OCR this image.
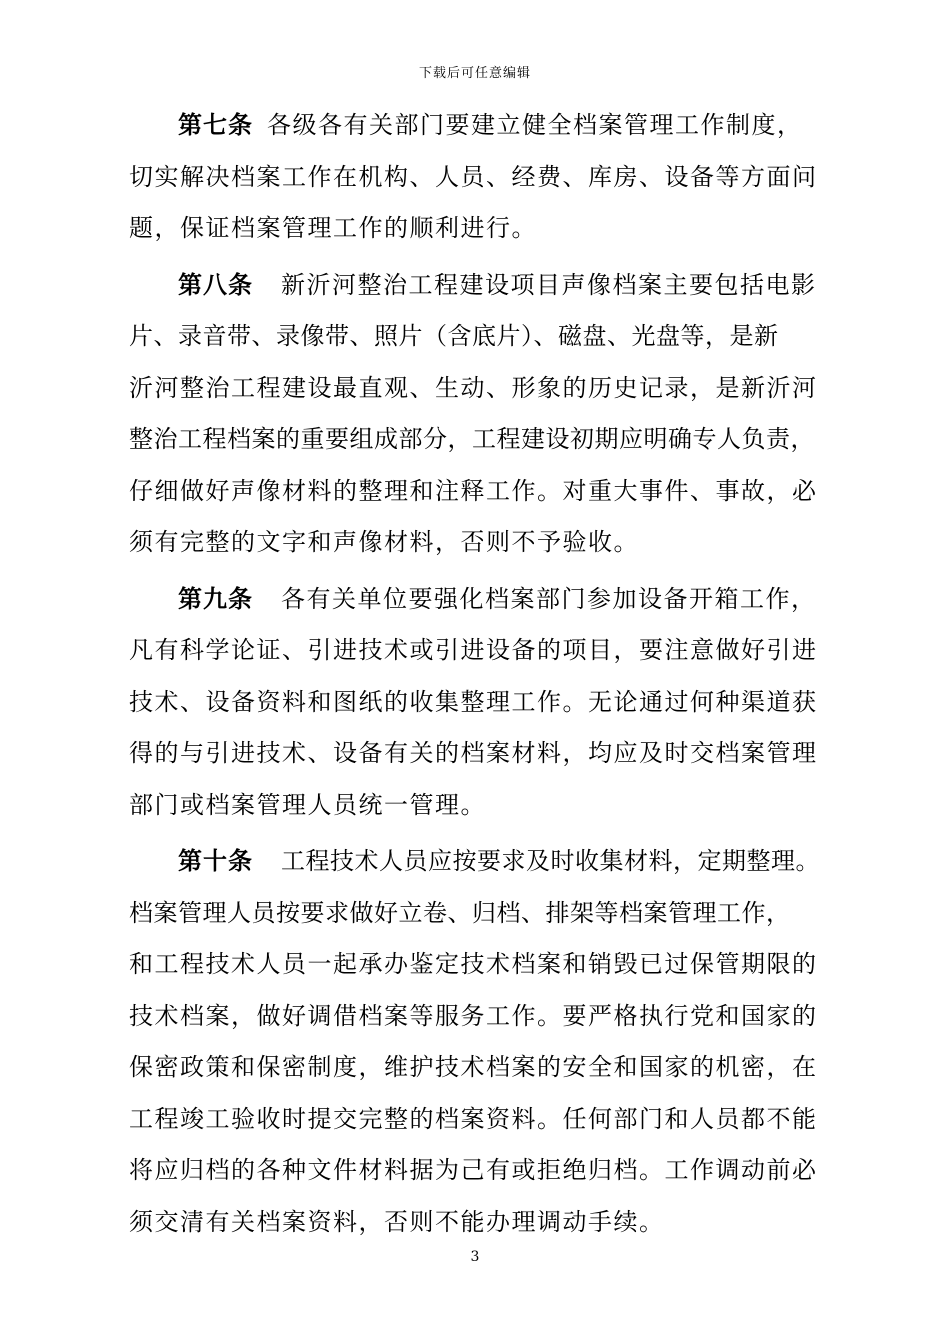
下载后可任意编辑
第七条 各级各有关部门要建立健全档案管理工作制度，
切实解决档案工作在机构、人员、经费、库房、设备等方面问
题，保证档案管理工作的顺利进行。
第八条 新沂河整治工程建设项目声像档案主要包括电影
片、录音带、录像带、照片（含底片）、磁盘、光盘等，是新
沂河整治工程建设最直观、生动、形象的历史记录，是新沂河
整治工程档案的重要组成部分，工程建设初期应明确专人负责，
仔细做好声像材料的整理和注释工作。对重大事件、事故，必
须有完整的文字和声像材料，否则不予验收。
第九条 各有关单位要强化档案部门参加设备开箱工作，
凡有科学论证、引进技术或引进设备的项目，要注意做好引进
技术、设备资料和图纸的收集整理工作。无论通过何种渠道获
得的与引进技术、设备有关的档案材料，均应及时交档案管理
部门或档案管理人员统一管理。
第十条 工程技术人员应按要求及时收集材料，定期整理。
档案管理人员按要求做好立卷、归档、排架等档案管理工作，
和工程技术人员一起承办鉴定技术档案和销毁已过保管期限的
技术档案，做好调借档案等服务工作。要严格执行党和国家的
保密政策和保密制度，维护技术档案的安全和国家的机密，在
工程竣工验收时提交完整的档案资料。任何部门和人员都不能
将应归档的各种文件材料据为己有或拒绝归档。工作调动前必
须交清有关档案资料，否则不能办理调动手续。
3
